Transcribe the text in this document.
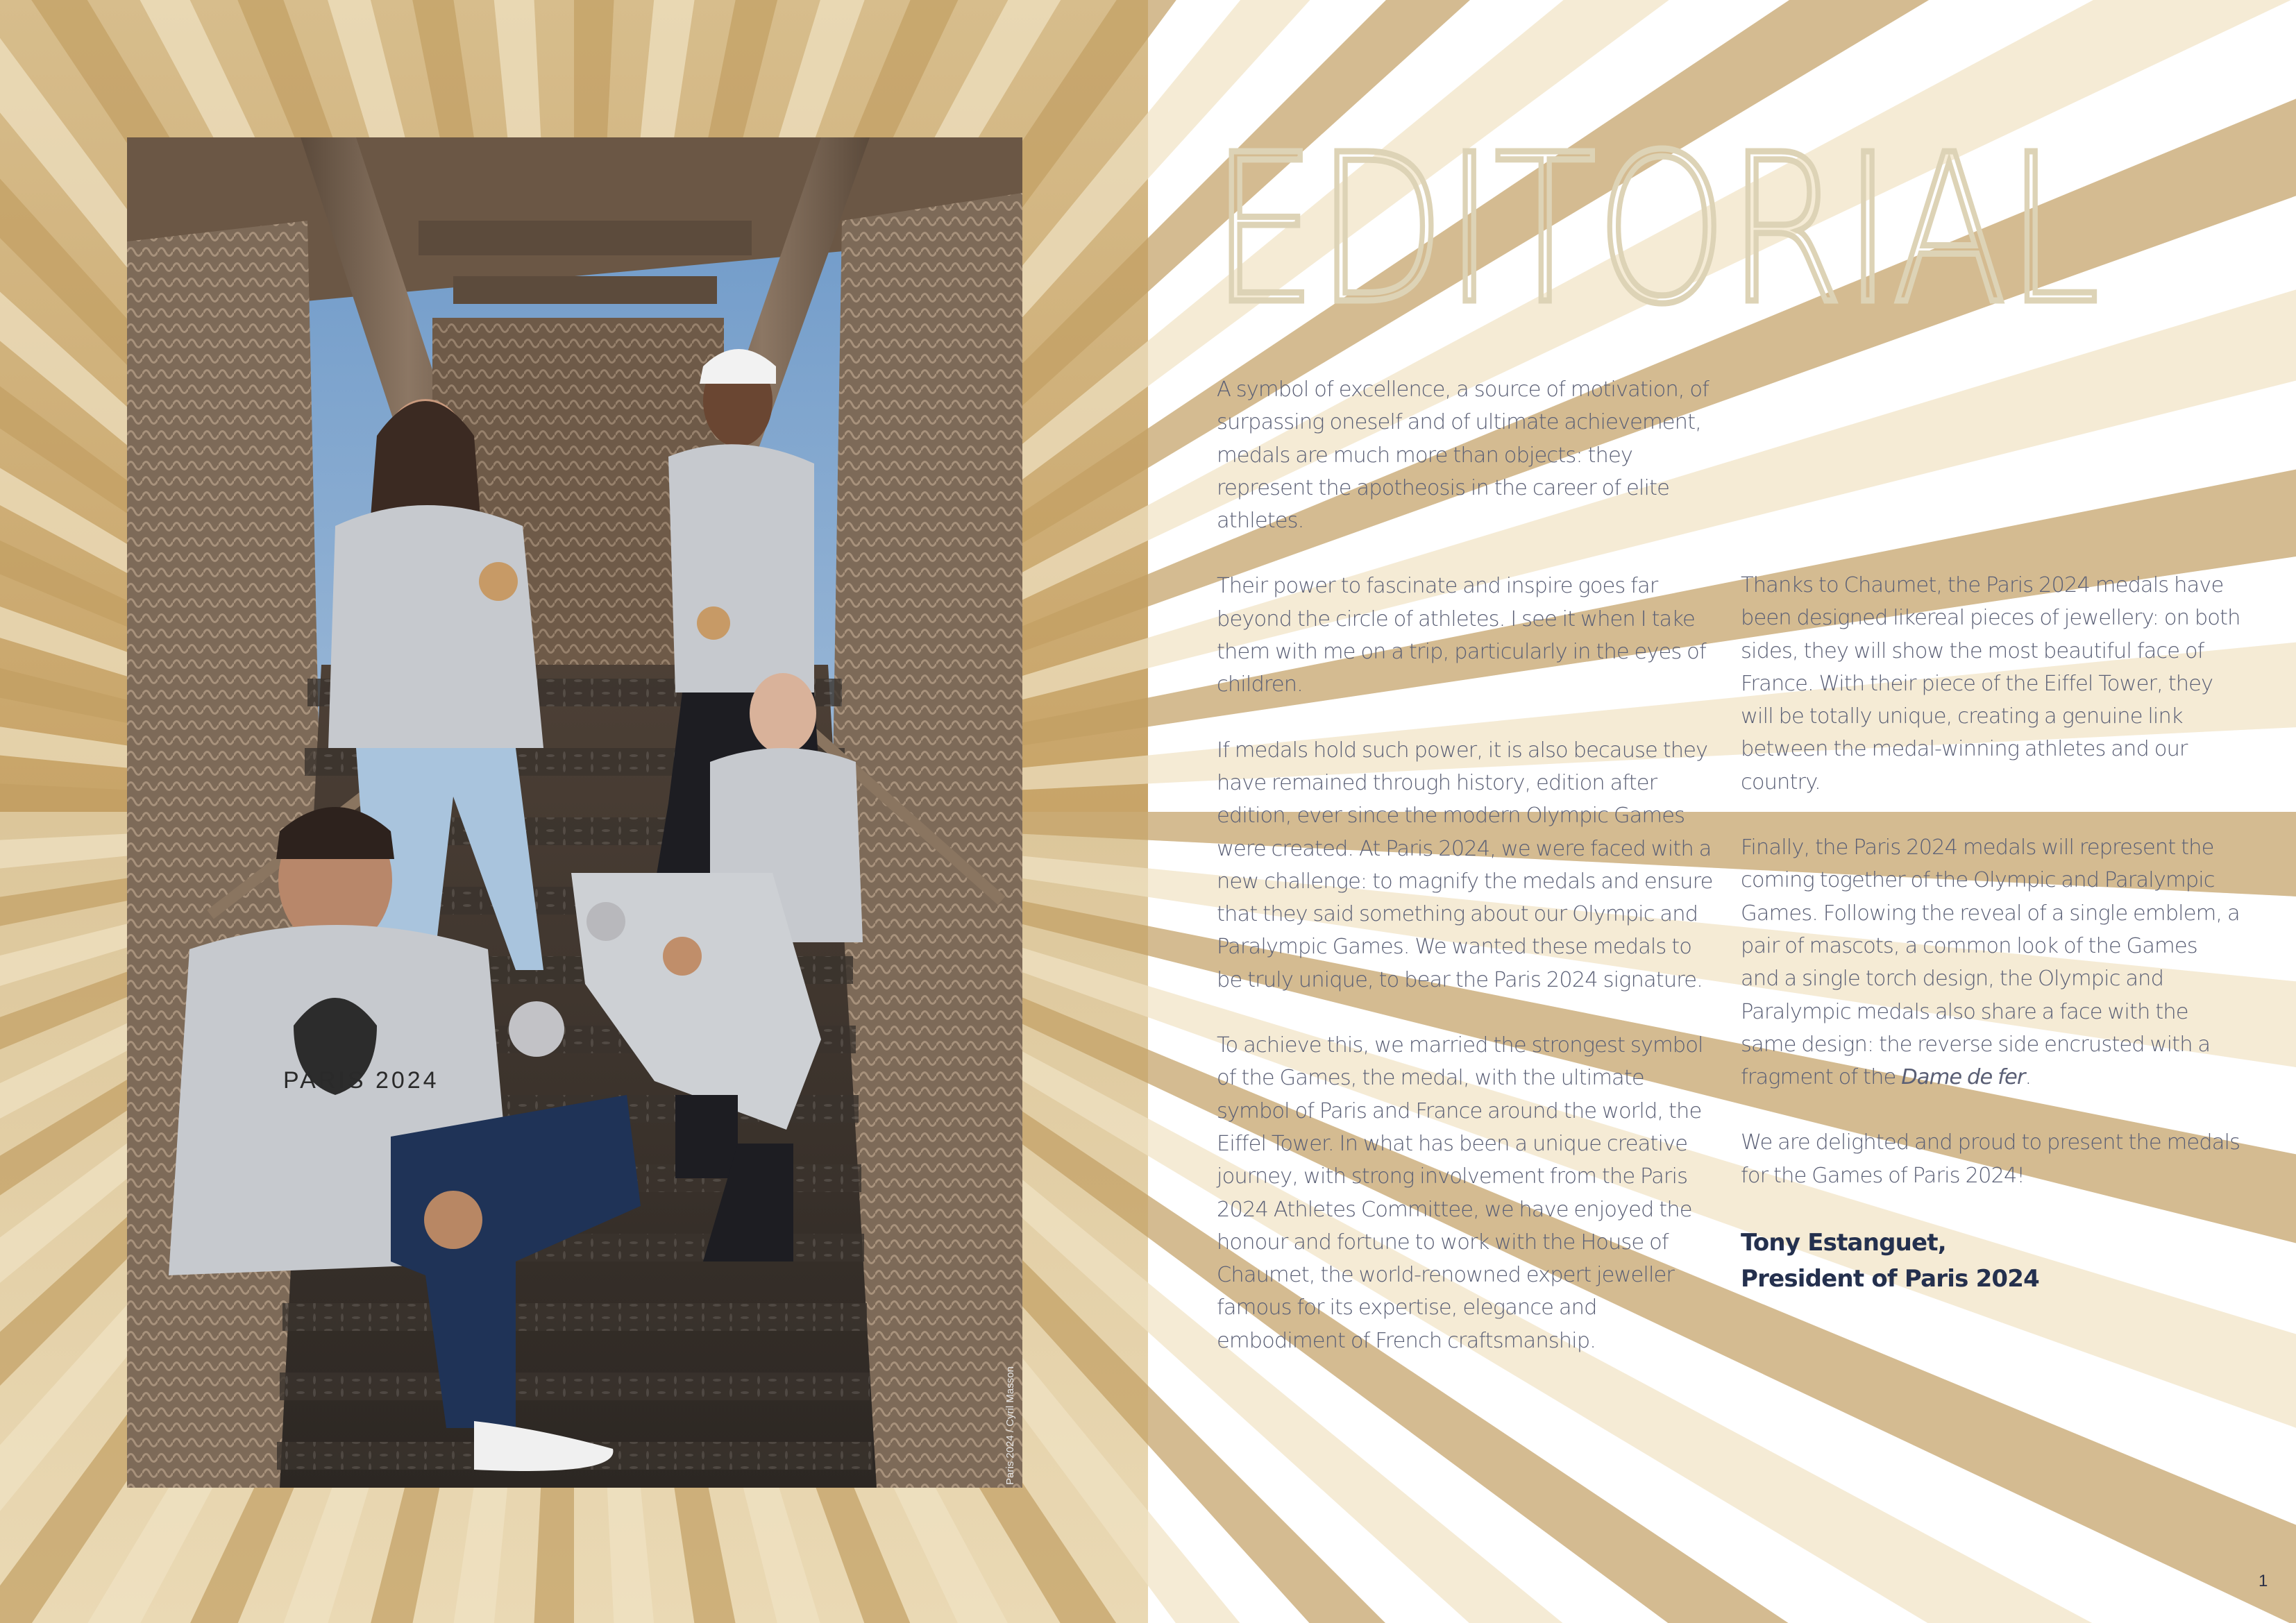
PARIS 2024
Paris 2024 / Cyril Masson
EDITORIAL

A symbol of excellence, a source of motivation, of surpassing oneself and of ultimate achievement, medals are much more than objects: they represent the apotheosis in the career of elite athletes.

Their power to fascinate and inspire goes far beyond the circle of athletes. I see it when I take them with me on a trip, particularly in the eyes of children.

If medals hold such power, it is also because they have remained through history, edition after edition, ever since the modern Olympic Games were created. At Paris 2024, we were faced with a new challenge: to magnify the medals and ensure that they said something about our Olympic and Paralympic Games. We wanted these medals to be truly unique, to bear the Paris 2024 signature.

To achieve this, we married the strongest symbol of the Games, the medal, with the ultimate symbol of Paris and France around the world, the Eiffel Tower. In what has been a unique creative journey, with strong involvement from the Paris 2024 Athletes Committee, we have enjoyed the honour and fortune to work with the House of Chaumet, the world-renowned expert jeweller famous for its expertise, elegance and embodiment of French craftsmanship.

Thanks to Chaumet, the Paris 2024 medals have been designed likereal pieces of jewellery: on both sides, they will show the most beautiful face of France. With their piece of the Eiffel Tower, they will be totally unique, creating a genuine link between the medal-winning athletes and our country.

Finally, the Paris 2024 medals will represent the coming together of the Olympic and Paralympic Games. Following the reveal of a single emblem, a pair of mascots, a common look of the Games and a single torch design, the Olympic and Paralympic medals also share a face with the same design: the reverse side encrusted with a fragment of the Dame de fer.

We are delighted and proud to present the medals for the Games of Paris 2024!

Tony Estanguet,

President of Paris 2024

1
